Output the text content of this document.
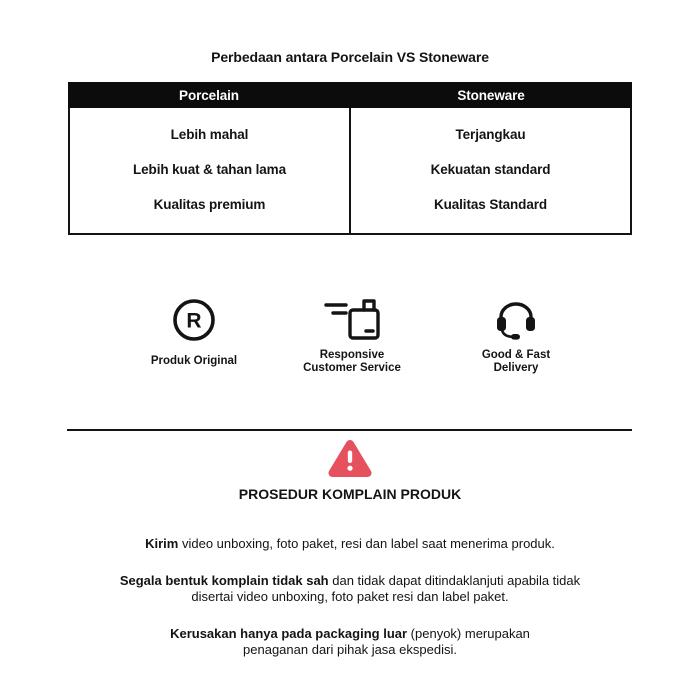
Perbedaan antara Porcelain VS Stoneware
Porcelain	Stoneware
Lebih mahal
Lebih kuat & tahan lama
Kualitas premium
Terjangkau
Kekuatan standard
Kualitas Standard
R
Produk Original
Responsive
Customer Service
Good & Fast
Delivery
PROSEDUR KOMPLAIN PRODUK

Kirim video unboxing, foto paket, resi dan label saat menerima produk.

Segala bentuk komplain tidak sah dan tidak dapat ditindaklanjuti apabila tidak disertai video unboxing, foto paket resi dan label paket.

Kerusakan hanya pada packaging luar (penyok) merupakan penaganan dari pihak jasa ekspedisi.
